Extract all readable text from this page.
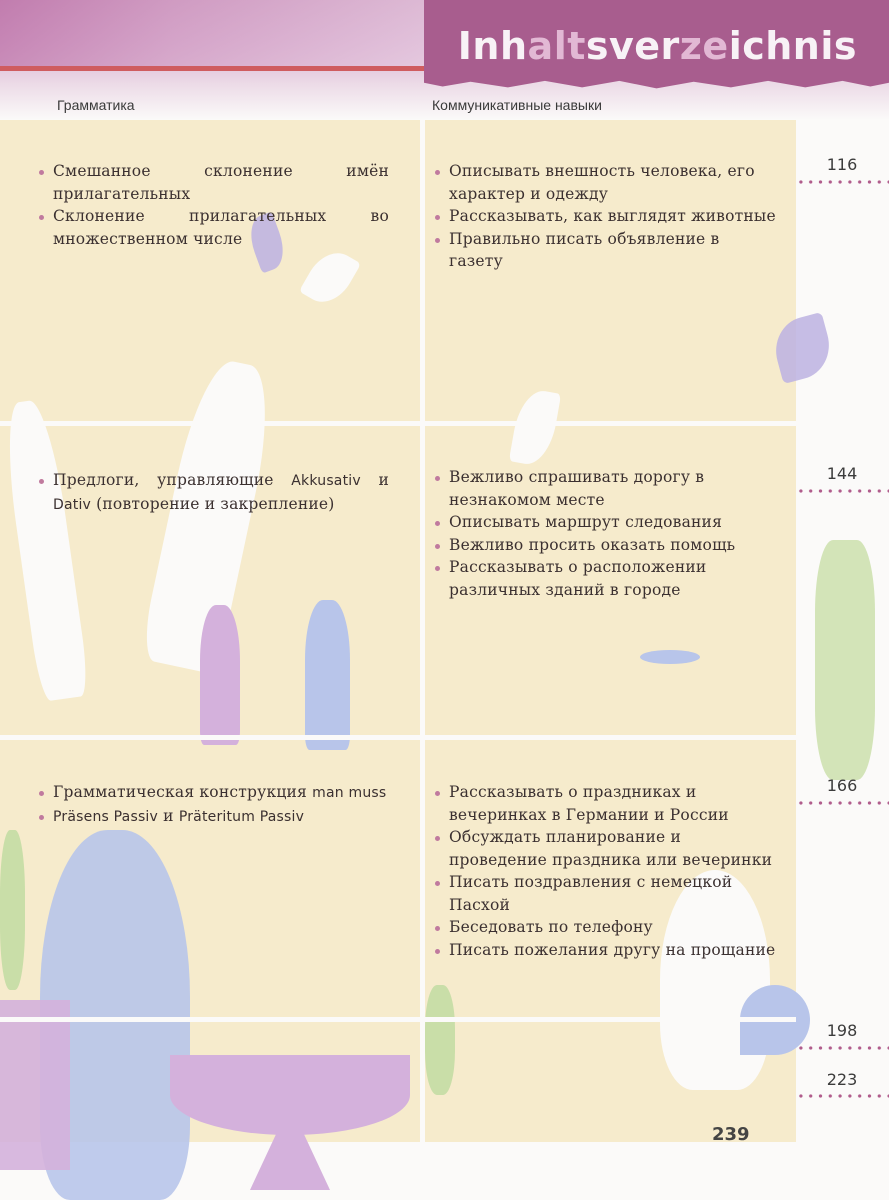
Inhaltsverzeichnis
Грамматика	Коммуникативные навыки
Смешанное склонение имён прилагательных
Склонение прилагательных во множественном числе
Описывать внешность человека, его характер и одежду
Рассказывать, как выглядят животные
Правильно писать объявление в газету
116
Предлоги, управляющие Akkusativ и Dativ (повторение и закрепление)
Вежливо спрашивать дорогу в незнакомом месте
Описывать маршрут следования
Вежливо просить оказать помощь
Рассказывать о расположении различных зданий в городе
144
Грамматическая конструкция man muss
Präsens Passiv и Präteritum Passiv
Рассказывать о праздниках и вечеринках в Германии и России
Обсуждать планирование и проведение праздника или вечеринки
Писать поздравления с немецкой Пасхой
Беседовать по телефону
Писать пожелания другу на прощание
166
198
223
239
